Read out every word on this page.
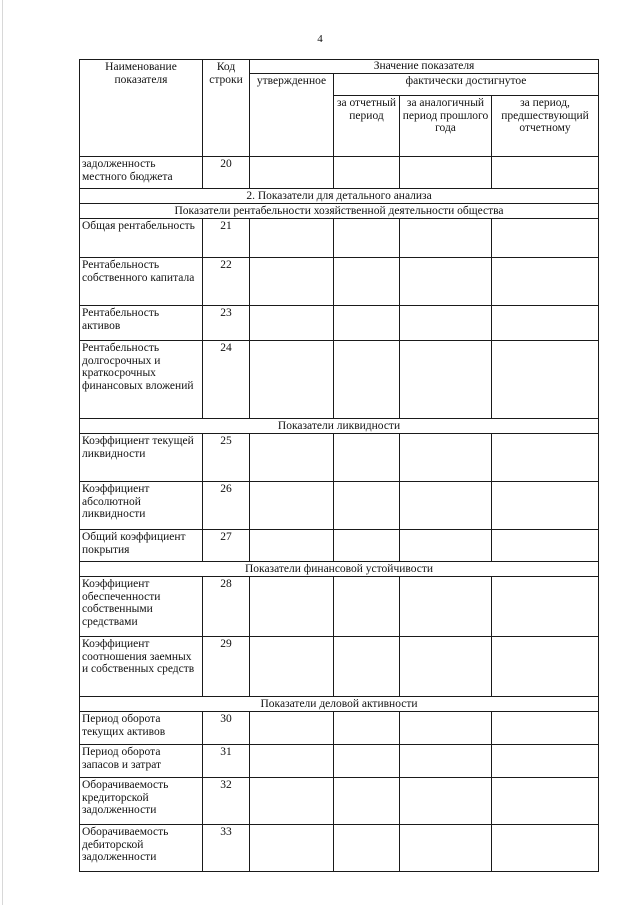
4
Наименование показателя	Код строки	Значение показателя			
		утвержденное	фактически достигнутое		
			за отчетный период	за аналогичный период прошлого года	за период, предшествующий отчетному
задолженность местного бюджета	20				
2. Показатели для детального анализа					
Показатели рентабельности хозяйственной деятельности общества					
Общая рентабельность	21				
Рентабельность собственного капитала	22				
Рентабельность активов	23				
Рентабельность долгосрочных и краткосрочных финансовых вложений	24				
Показатели ликвидности					
Коэффициент текущей ликвидности	25				
Коэффициент абсолютной ликвидности	26				
Общий коэффициент покрытия	27				
Показатели финансовой устойчивости					
Коэффициент обеспеченности собственными средствами	28				
Коэффициент соотношения заемных и собственных средств	29				
Показатели деловой активности					
Период оборота текущих активов	30				
Период оборота запасов и затрат	31				
Оборачиваемость кредиторской задолженности	32				
Оборачиваемость дебиторской задолженности	33				
